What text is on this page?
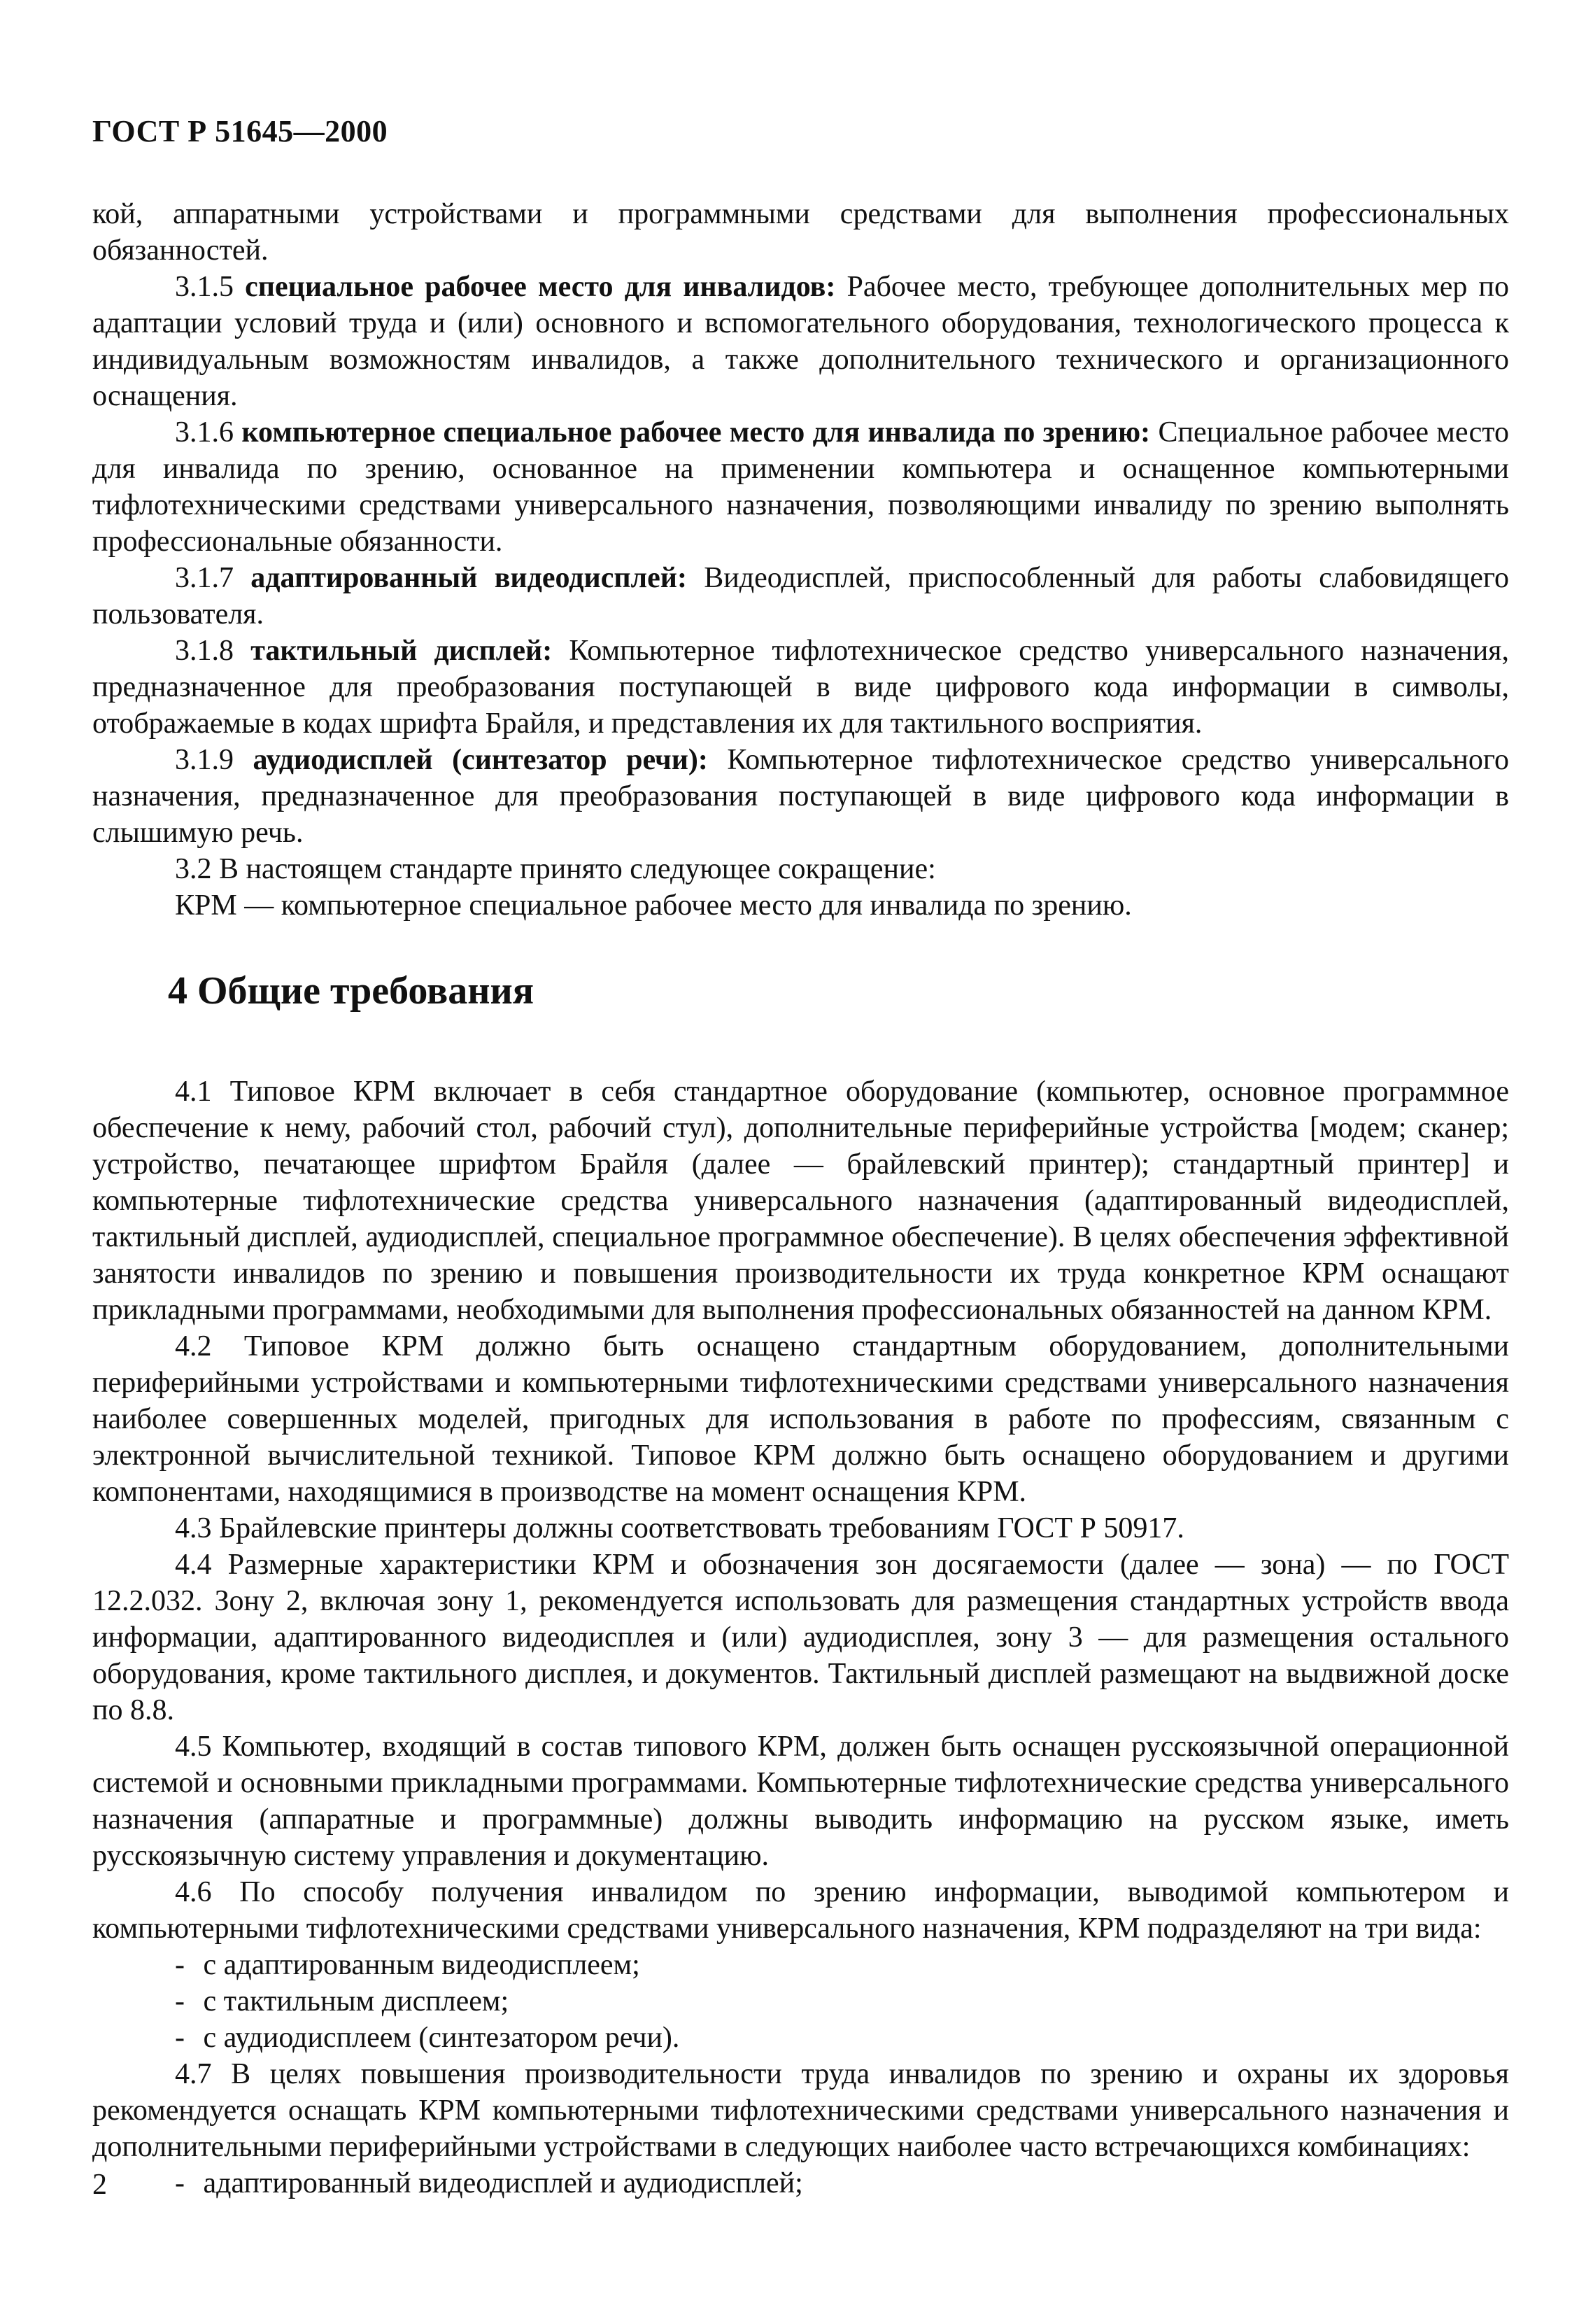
ГОСТ Р 51645—2000

кой, аппаратными устройствами и программными средствами для выполнения профессиональных обязанностей.

3.1.5 специальное рабочее место для инвалидов: Рабочее место, требующее дополнительных мер по адаптации условий труда и (или) основного и вспомогательного оборудования, технологического процесса к индивидуальным возможностям инвалидов, а также дополнительного технического и организационного оснащения.

3.1.6 компьютерное специальное рабочее место для инвалида по зрению: Специальное рабочее место для инвалида по зрению, основанное на применении компьютера и оснащенное компьютерными тифлотехническими средствами универсального назначения, позволяющими инвалиду по зрению выполнять профессиональные обязанности.

3.1.7 адаптированный видеодисплей: Видеодисплей, приспособленный для работы слабовидящего пользователя.

3.1.8 тактильный дисплей: Компьютерное тифлотехническое средство универсального назначения, предназначенное для преобразования поступающей в виде цифрового кода информации в символы, отображаемые в кодах шрифта Брайля, и представления их для тактильного восприятия.

3.1.9 аудиодисплей (синтезатор речи): Компьютерное тифлотехническое средство универсального назначения, предназначенное для преобразования поступающей в виде цифрового кода информации в слышимую речь.

3.2 В настоящем стандарте принято следующее сокращение:

КРМ — компьютерное специальное рабочее место для инвалида по зрению.

4 Общие требования

4.1 Типовое КРМ включает в себя стандартное оборудование (компьютер, основное программное обеспечение к нему, рабочий стол, рабочий стул), дополнительные периферийные устройства [модем; сканер; устройство, печатающее шрифтом Брайля (далее — брайлевский принтер); стандартный принтер] и компьютерные тифлотехнические средства универсального назначения (адаптированный видеодисплей, тактильный дисплей, аудиодисплей, специальное программное обеспечение). В целях обеспечения эффективной занятости инвалидов по зрению и повышения производительности их труда конкретное КРМ оснащают прикладными программами, необходимыми для выполнения профессиональных обязанностей на данном КРМ.

4.2 Типовое КРМ должно быть оснащено стандартным оборудованием, дополнительными периферийными устройствами и компьютерными тифлотехническими средствами универсального назначения наиболее совершенных моделей, пригодных для использования в работе по профессиям, связанным с электронной вычислительной техникой. Типовое КРМ должно быть оснащено оборудованием и другими компонентами, находящимися в производстве на момент оснащения КРМ.

4.3 Брайлевские принтеры должны соответствовать требованиям ГОСТ Р 50917.

4.4 Размерные характеристики КРМ и обозначения зон досягаемости (далее — зона) — по ГОСТ 12.2.032. Зону 2, включая зону 1, рекомендуется использовать для размещения стандартных устройств ввода информации, адаптированного видеодисплея и (или) аудиодисплея, зону 3 — для размещения остального оборудования, кроме тактильного дисплея, и документов. Тактильный дисплей размещают на выдвижной доске по 8.8.

4.5 Компьютер, входящий в состав типового КРМ, должен быть оснащен русскоязычной операционной системой и основными прикладными программами. Компьютерные тифлотехнические средства универсального назначения (аппаратные и программные) должны выводить информацию на русском языке, иметь русскоязычную систему управления и документацию.

4.6 По способу получения инвалидом по зрению информации, выводимой компьютером и компьютерными тифлотехническими средствами универсального назначения, КРМ подразделяют на три вида:

- с адаптированным видеодисплеем;

- с тактильным дисплеем;

- с аудиодисплеем (синтезатором речи).

4.7 В целях повышения производительности труда инвалидов по зрению и охраны их здоровья рекомендуется оснащать КРМ компьютерными тифлотехническими средствами универсального назначения и дополнительными периферийными устройствами в следующих наиболее часто встречающихся комбинациях:

- адаптированный видеодисплей и аудиодисплей;

2
